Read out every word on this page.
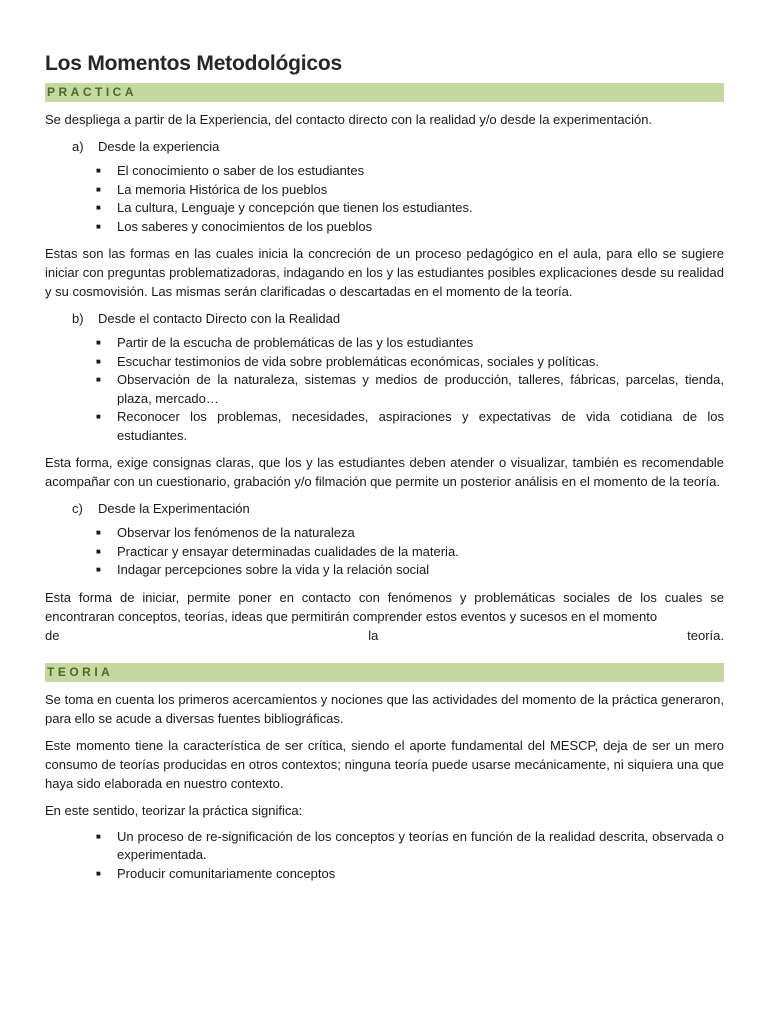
Los Momentos Metodológicos
PRACTICA

Se despliega a partir de la Experiencia, del contacto directo con la realidad y/o desde la experimentación.

a) Desde la experiencia
■ El conocimiento o saber de los estudiantes
■ La memoria Histórica de los pueblos
■ La cultura, Lenguaje y concepción que tienen los estudiantes.
■ Los saberes y conocimientos de los pueblos

Estas son las formas en las cuales inicia la concreción de un proceso pedagógico en el aula, para ello se sugiere iniciar con preguntas problematizadoras, indagando en los y las estudiantes posibles explicaciones desde su realidad y su cosmovisión. Las mismas serán clarificadas o descartadas en el momento de la teoría.

b) Desde el contacto Directo con la Realidad
■ Partir de la escucha de problemáticas de las y los estudiantes
■ Escuchar testimonios de vida sobre problemáticas económicas, sociales y políticas.
■ Observación de la naturaleza, sistemas y medios de producción, talleres, fábricas, parcelas, tienda, plaza, mercado…
■ Reconocer los problemas, necesidades, aspiraciones y expectativas de vida cotidiana de los estudiantes.

Esta forma, exige consignas claras, que los y las estudiantes deben atender o visualizar, también es recomendable acompañar con un cuestionario, grabación y/o filmación que permite un posterior análisis en el momento de la teoría.

c) Desde la Experimentación
■ Observar los fenómenos de la naturaleza
■ Practicar y ensayar determinadas cualidades de la materia.
■ Indagar percepciones sobre la vida y la relación social

Esta forma de iniciar, permite poner en contacto con fenómenos y problemáticas sociales de los cuales se encontraran conceptos, teorías, ideas que permitirán comprender estos eventos y sucesos en el momento

de la teoría.

TEORIA

Se toma en cuenta los primeros acercamientos y nociones que las actividades del momento de la práctica generaron, para ello se acude a diversas fuentes bibliográficas.

Este momento tiene la característica de ser crítica, siendo el aporte fundamental del MESCP, deja de ser un mero consumo de teorías producidas en otros contextos; ninguna teoría puede usarse mecánicamente, ni siquiera una que haya sido elaborada en nuestro contexto.

En este sentido, teorizar la práctica significa:

■ Un proceso de re-significación de los conceptos y teorías en función de la realidad descrita, observada o experimentada.
■ Producir comunitariamente conceptos
